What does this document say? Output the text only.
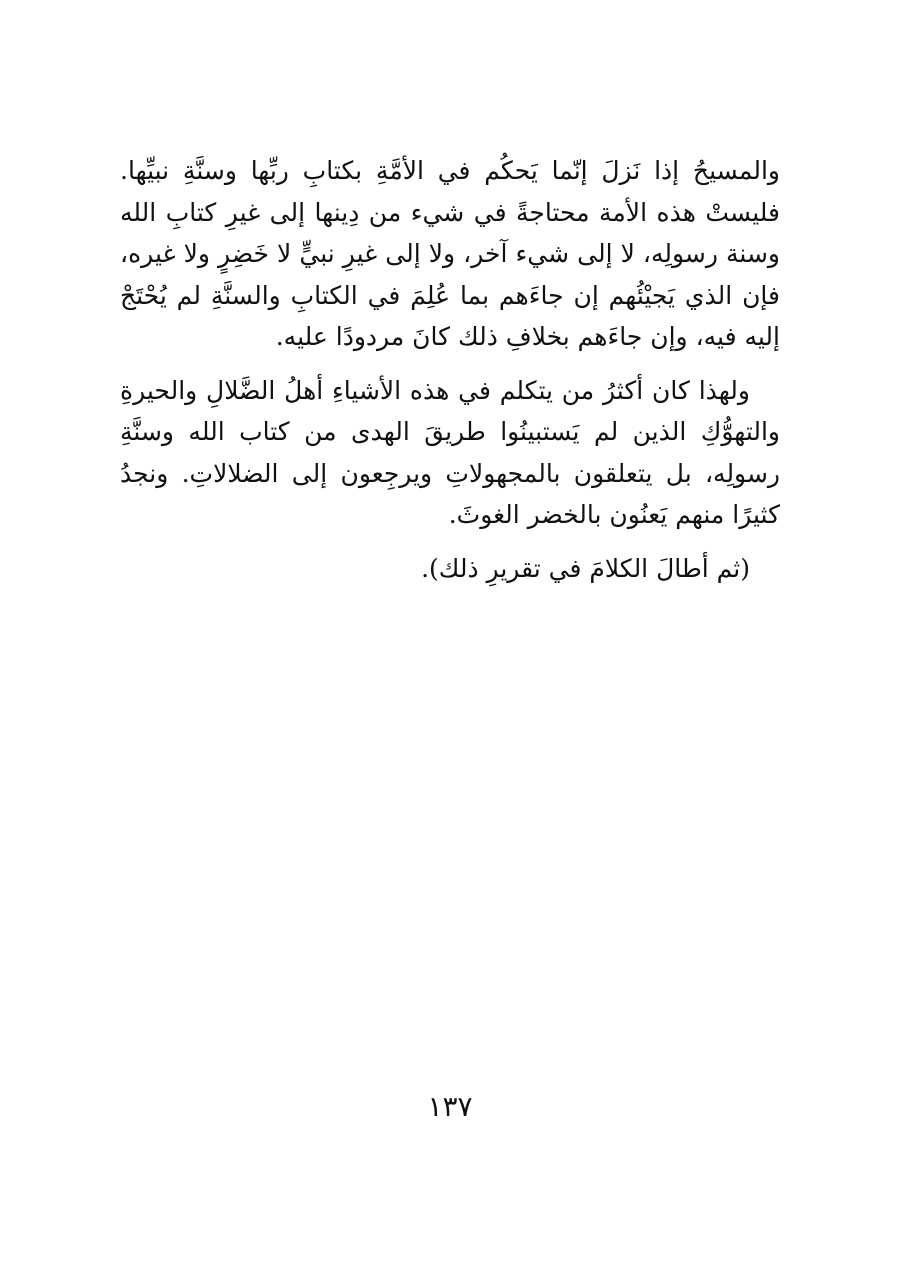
والمسيحُ إذا نَزلَ إنّما يَحكُم في الأمَّةِ بكتابِ ربِّها وسنَّةِ نبيِّها. فليستْ هذه الأمة محتاجةً في شيء من دِينها إلى غيرِ كتابِ الله وسنة رسولِه، لا إلى شيء آخر، ولا إلى غيرِ نبيٍّ لا خَضِرٍ ولا غيره، فإن الذي يَجيْئُهم إن جاءَهم بما عُلِمَ في الكتابِ والسنَّةِ لم يُحْتَجْ إليه فيه، وإن جاءَهم بخلافِ ذلك كانَ مردودًا عليه.

ولهذا كان أكثرُ من يتكلم في هذه الأشياءِ أهلُ الضَّلالِ والحيرةِ والتهوُّكِ الذين لم يَستبينُوا طريقَ الهدى من كتاب الله وسنَّةِ رسولِه، بل يتعلقون بالمجهولاتِ ويرجِعون إلى الضلالاتِ. ونجدُ كثيرًا منهم يَعنُون بالخضر الغوثَ.

(ثم أطالَ الكلامَ في تقريرِ ذلك).

١٣٧
